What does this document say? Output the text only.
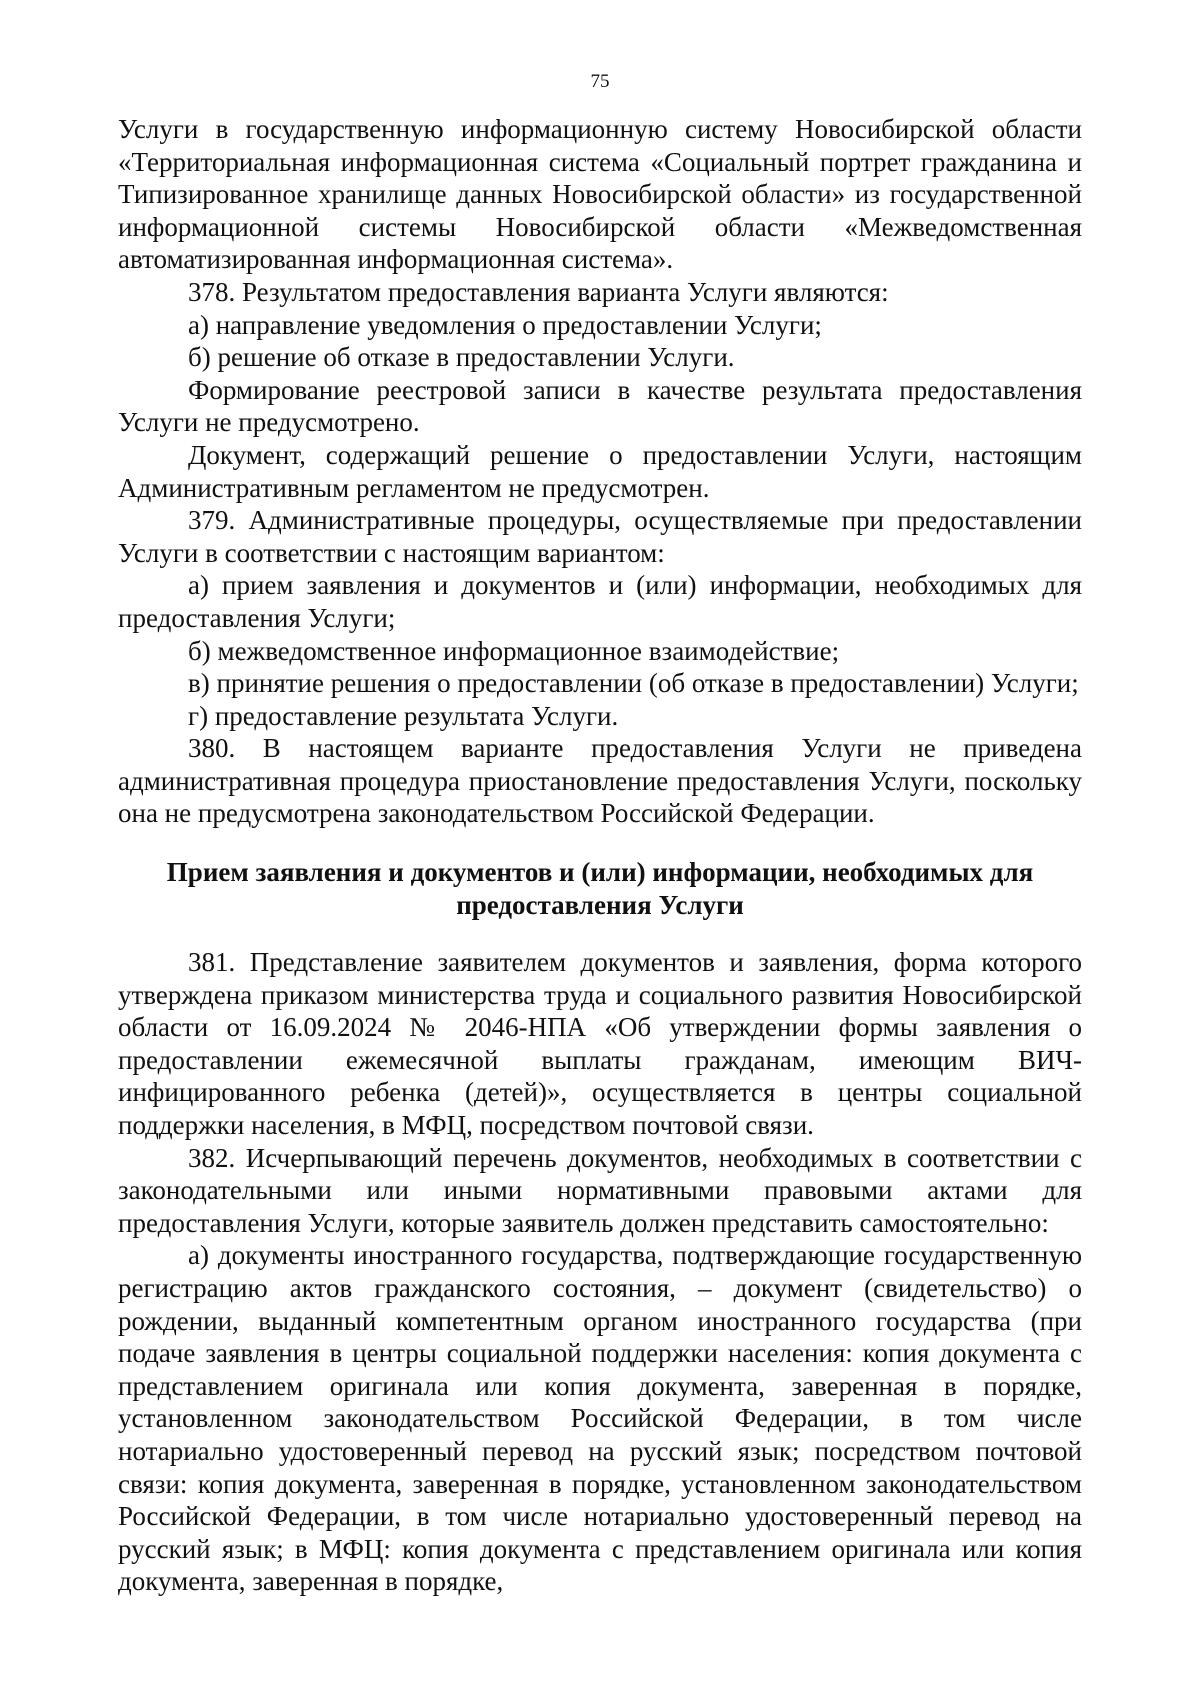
75

Услуги в государственную информационную систему Новосибирской области «Территориальная информационная система «Социальный портрет гражданина и Типизированное хранилище данных Новосибирской области» из государственной информационной системы Новосибирской области «Межведомственная автоматизированная информационная система».

378. Результатом предоставления варианта Услуги являются:

а) направление уведомления о предоставлении Услуги;

б) решение об отказе в предоставлении Услуги.

Формирование реестровой записи в качестве результата предоставления Услуги не предусмотрено.

Документ, содержащий решение о предоставлении Услуги, настоящим Административным регламентом не предусмотрен.

379. Административные процедуры, осуществляемые при предоставлении Услуги в соответствии с настоящим вариантом:

а) прием заявления и документов и (или) информации, необходимых для предоставления Услуги;

б) межведомственное информационное взаимодействие;

в) принятие решения о предоставлении (об отказе в предоставлении) Услуги;

г) предоставление результата Услуги.

380. В настоящем варианте предоставления Услуги не приведена административная процедура приостановление предоставления Услуги, поскольку она не предусмотрена законодательством Российской Федерации.

Прием заявления и документов и (или) информации, необходимых для
предоставления Услуги

381. Представление заявителем документов и заявления, форма которого утверждена приказом министерства труда и социального развития Новосибирской области от 16.09.2024 № 2046-НПА «Об утверждении формы заявления о предоставлении ежемесячной выплаты гражданам, имеющим ВИЧ-инфицированного ребенка (детей)», осуществляется в центры социальной поддержки населения, в МФЦ, посредством почтовой связи.

382. Исчерпывающий перечень документов, необходимых в соответствии с законодательными или иными нормативными правовыми актами для предоставления Услуги, которые заявитель должен представить самостоятельно:

а) документы иностранного государства, подтверждающие государственную регистрацию актов гражданского состояния, – документ (свидетельство) о рождении, выданный компетентным органом иностранного государства (при подаче заявления в центры социальной поддержки населения: копия документа с представлением оригинала или копия документа, заверенная в порядке, установленном законодательством Российской Федерации, в том числе нотариально удостоверенный перевод на русский язык; посредством почтовой связи: копия документа, заверенная в порядке, установленном законодательством Российской Федерации, в том числе нотариально удостоверенный перевод на русский язык; в МФЦ: копия документа с представлением оригинала или копия документа, заверенная в порядке,
